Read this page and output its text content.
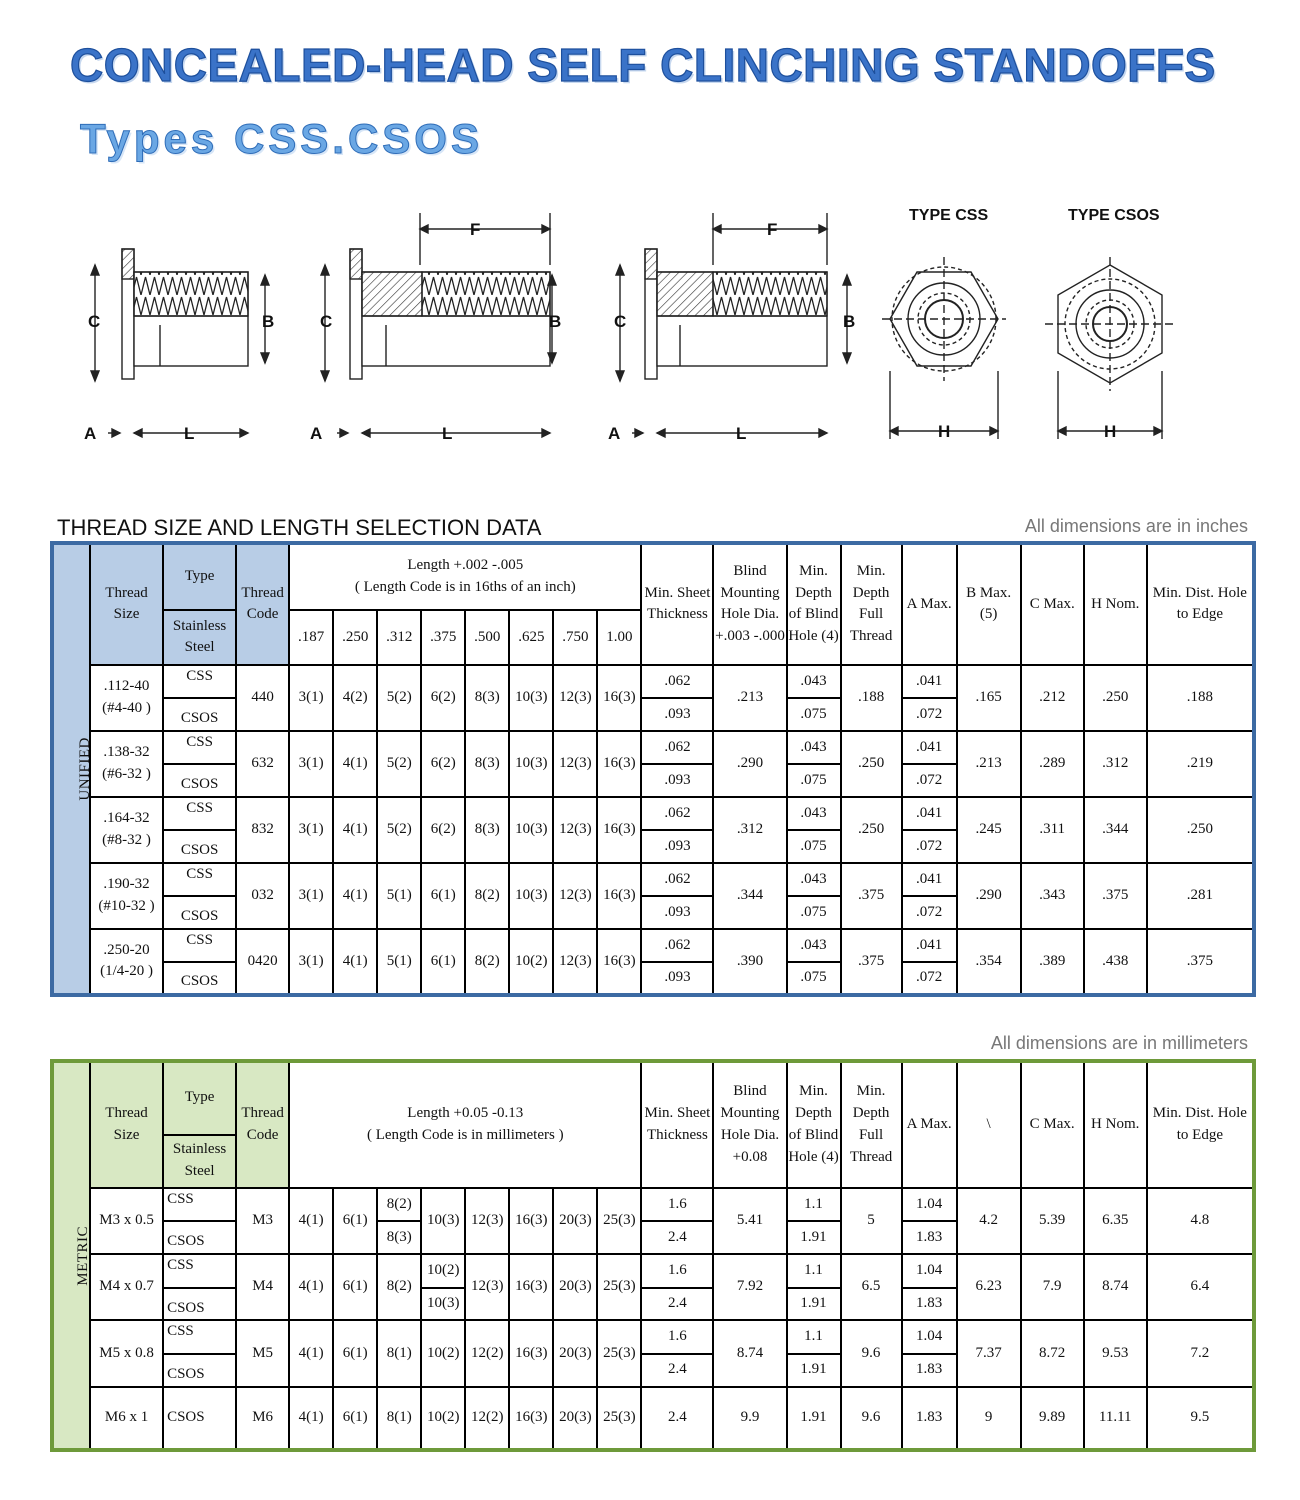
CONCEALED-HEAD SELF CLINCHING STANDOFFS
Types CSS.CSOS
C	B
A	L
F
C	B
A	L
F
C	B
A	L
TYPE CSS	TYPE CSOS
H	H
THREAD SIZE AND LENGTH SELECTION DATA	All dimensions are in inches
UNIFIED	Thread Size	Type	Thread Code	Length +.002 -.005
( Length Code is in 16ths of an inch)								Min. Sheet Thickness	Blind Mounting Hole Dia. +.003 -.000	Min. Depth of Blind Hole (4)	Min. Depth Full Thread	A Max.	B Max. (5)	C Max.	H Nom.	Min. Dist. Hole to Edge
		Stainless Steel		.187	.250	.312	.375	.500	.625	.750	1.00									

	.112-40
(#4-40 )	CSS	440	3(1)	4(2)	5(2)	6(2)	8(3)	10(3)	12(3)	16(3)	.062	.213	.043	.188	.041	.165	.212	.250	.188
		CSOS										.093		.075		.072				

	.138-32
(#6-32 )	CSS	632	3(1)	4(1)	5(2)	6(2)	8(3)	10(3)	12(3)	16(3)	.062	.290	.043	.250	.041	.213	.289	.312	.219
		CSOS										.093		.075		.072				

	.164-32
(#8-32 )	CSS	832	3(1)	4(1)	5(2)	6(2)	8(3)	10(3)	12(3)	16(3)	.062	.312	.043	.250	.041	.245	.311	.344	.250
		CSOS										.093		.075		.072				

	.190-32
(#10-32 )	CSS	032	3(1)	4(1)	5(1)	6(1)	8(2)	10(3)	12(3)	16(3)	.062	.344	.043	.375	.041	.290	.343	.375	.281
		CSOS										.093		.075		.072				

	.250-20
(1/4-20 )	CSS	0420	3(1)	4(1)	5(1)	6(1)	8(2)	10(2)	12(3)	16(3)	.062	.390	.043	.375	.041	.354	.389	.438	.375
		CSOS										.093		.075		.072				
All dimensions are in millimeters
METRIC	Thread Size	Type	Thread Code	Length +0.05 -0.13
( Length Code is in millimeters )								Min. Sheet Thickness	Blind Mounting Hole Dia. +0.08	Min. Depth of Blind Hole (4)	Min. Depth Full Thread	A Max.	\	C Max.	H Nom.	Min. Dist. Hole to Edge
		Stainless Steel																		
	M3 x 0.5	CSS	M3	4(1)	6(1)	8(2)	10(3)	12(3)	16(3)	20(3)	25(3)	1.6	5.41	1.1	5	1.04	4.2	5.39	6.35	4.8
		CSOS				8(3)						2.4		1.91		1.83				
	M4 x 0.7	CSS	M4	4(1)	6(1)	8(2)	10(2)	12(3)	16(3)	20(3)	25(3)	1.6	7.92	1.1	6.5	1.04	6.23	7.9	8.74	6.4
		CSOS					10(3)					2.4		1.91		1.83				
	M5 x 0.8	CSS	M5	4(1)	6(1)	8(1)	10(2)	12(2)	16(3)	20(3)	25(3)	1.6	8.74	1.1	9.6	1.04	7.37	8.72	9.53	7.2
		CSOS										2.4		1.91		1.83				
	M6 x 1	CSOS	M6	4(1)	6(1)	8(1)	10(2)	12(2)	16(3)	20(3)	25(3)	2.4	9.9	1.91	9.6	1.83	9	9.89	11.11	9.5
